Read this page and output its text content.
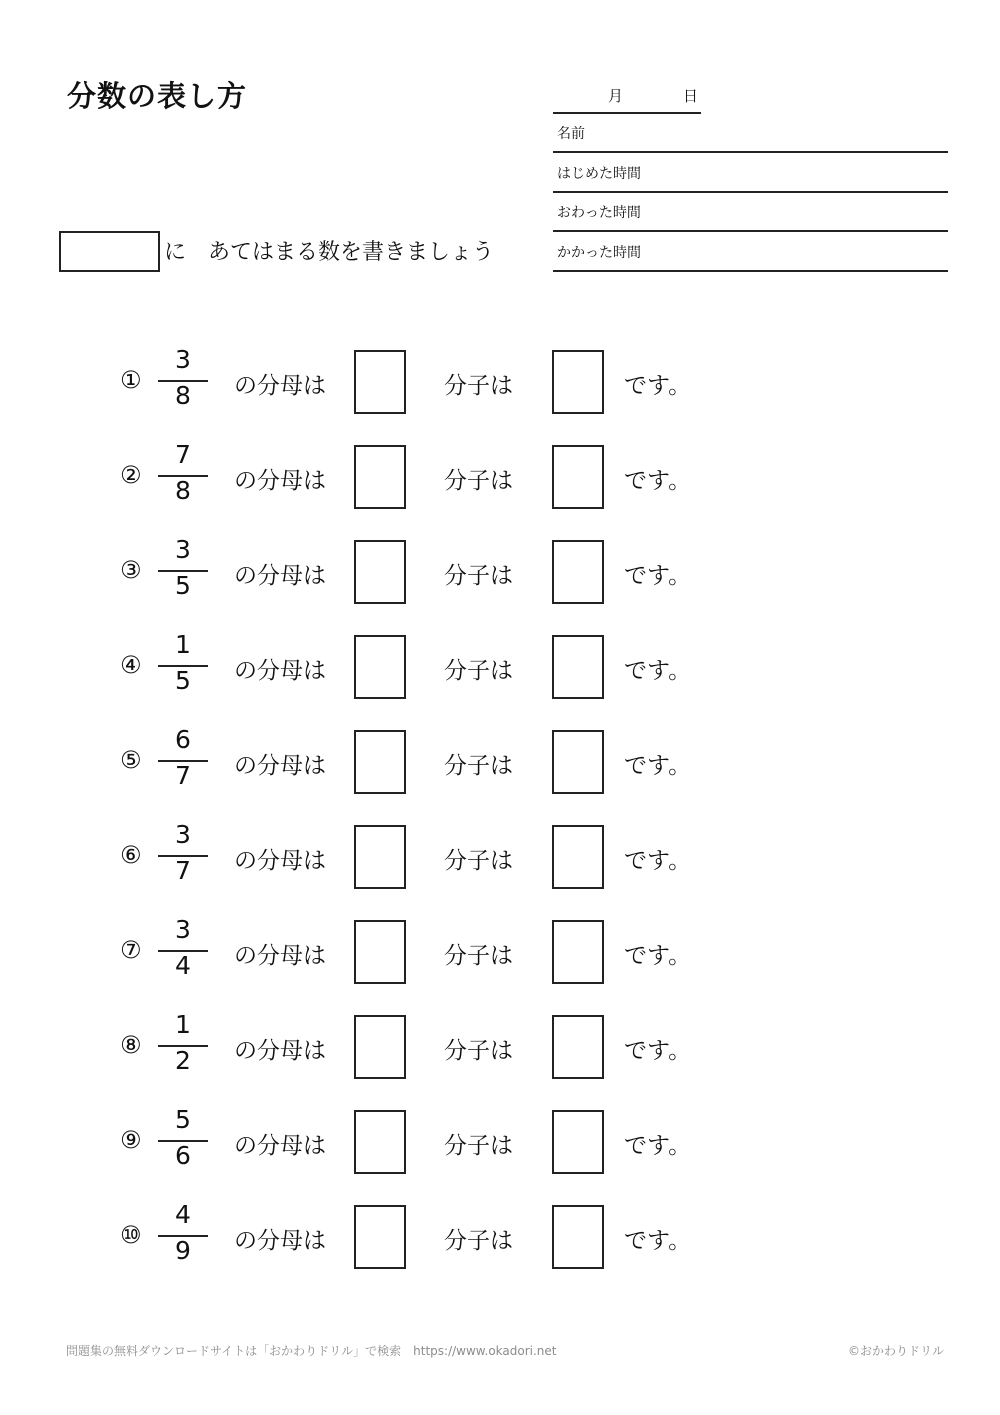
分数の表し方	月	日
名前
はじめた時間
おわった時間
かかった時間
に　あてはまる数を書きましょう
①
3
8	の分母は	分子は	です。
②
7
8	の分母は	分子は	です。
③
3
5	の分母は	分子は	です。
④
1
5	の分母は	分子は	です。
⑤
6
7	の分母は	分子は	です。
⑥
3
7	の分母は	分子は	です。
⑦
3
4	の分母は	分子は	です。
⑧
1
2	の分母は	分子は	です。
⑨
5
6	の分母は	分子は	です。
⑩
4
9	の分母は	分子は	です。
問題集の無料ダウンロードサイトは「おかわりドリル」で検索　https://www.okadori.net	©おかわりドリル
